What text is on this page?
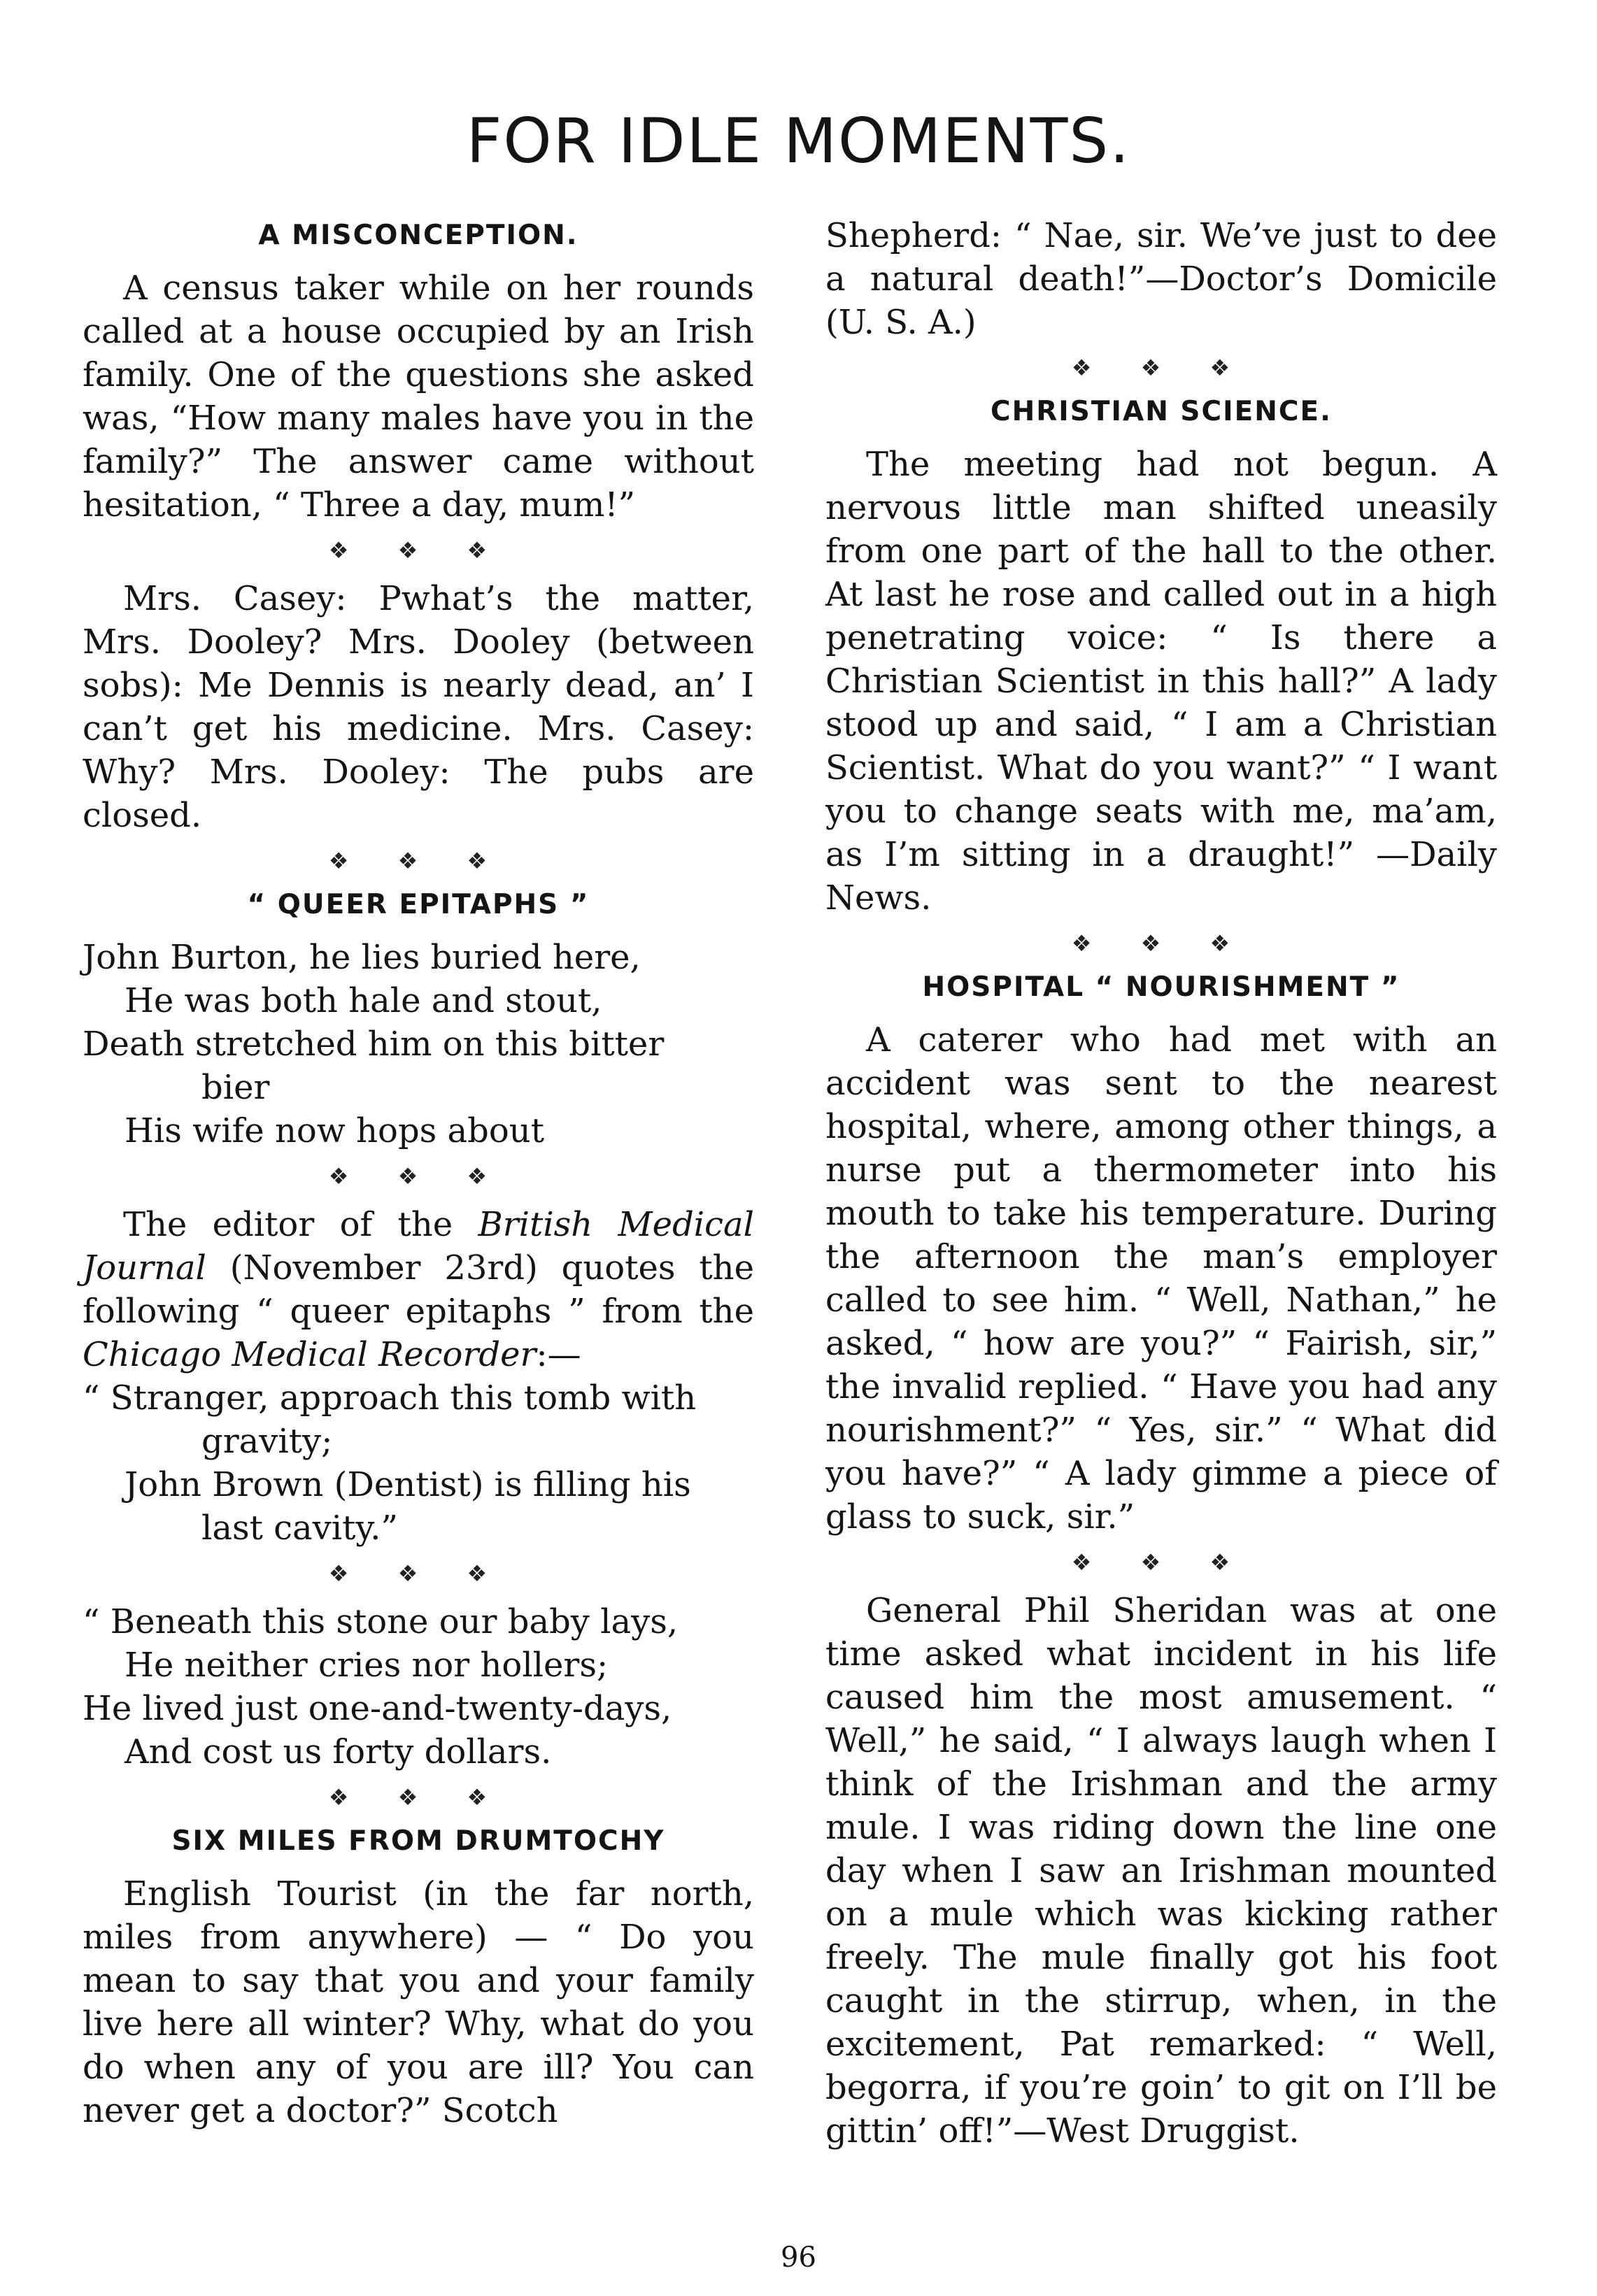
FOR IDLE MOMENTS.
A MISCONCEPTION.

A census taker while on her rounds called at a house occupied by an Irish family. One of the questions she asked was, “How many males have you in the family?” The answer came without hesitation, “ Three a day, mum!”

❖ ❖ ❖

Mrs. Casey: Pwhat’s the matter, Mrs. Dooley? Mrs. Dooley (between sobs): Me Dennis is nearly dead, an’ I can’t get his medicine. Mrs. Casey: Why? Mrs. Dooley: The pubs are closed.

❖ ❖ ❖
“ QUEER EPITAPHS ”
John Burton, he lies buried here,
He was both hale and stout,
Death stretched him on this bitter
bier
His wife now hops about
❖ ❖ ❖

The editor of the British Medical Journal (November 23rd) quotes the following “ queer epitaphs ” from the Chicago Medical Recorder:—

“ Stranger, approach this tomb with
gravity;
John Brown (Dentist) is filling his
last cavity.”
❖ ❖ ❖
“ Beneath this stone our baby lays,
He neither cries nor hollers;
He lived just one-and-twenty-days,
And cost us forty dollars.
❖ ❖ ❖
SIX MILES FROM DRUMTOCHY

English Tourist (in the far north, miles from anywhere) — “ Do you mean to say that you and your family live here all winter? Why, what do you do when any of you are ill? You can never get a doctor?” Scotch

Shepherd: “ Nae, sir. We’ve just to dee a natural death!”—Doctor’s Domicile (U. S. A.)

❖ ❖ ❖
CHRISTIAN SCIENCE.

The meeting had not begun. A nervous little man shifted uneasily from one part of the hall to the other. At last he rose and called out in a high penetrating voice: “ Is there a Christian Scientist in this hall?” A lady stood up and said, “ I am a Christian Scientist. What do you want?” “ I want you to change seats with me, ma’am, as I’m sitting in a draught!” —Daily News.

❖ ❖ ❖
HOSPITAL “ NOURISHMENT ”

A caterer who had met with an accident was sent to the nearest hospital, where, among other things, a nurse put a thermometer into his mouth to take his temperature. During the afternoon the man’s employer called to see him. “ Well, Nathan,” he asked, “ how are you?” “ Fairish, sir,” the invalid replied. “ Have you had any nourishment?” “ Yes, sir.” “ What did you have?” “ A lady gimme a piece of glass to suck, sir.”

❖ ❖ ❖

General Phil Sheridan was at one time asked what incident in his life caused him the most amusement. “ Well,” he said, “ I always laugh when I think of the Irishman and the army mule. I was riding down the line one day when I saw an Irishman mounted on a mule which was kicking rather freely. The mule finally got his foot caught in the stirrup, when, in the excitement, Pat remarked: “ Well, begorra, if you’re goin’ to git on I’ll be gittin’ off!”—West Druggist.

96
